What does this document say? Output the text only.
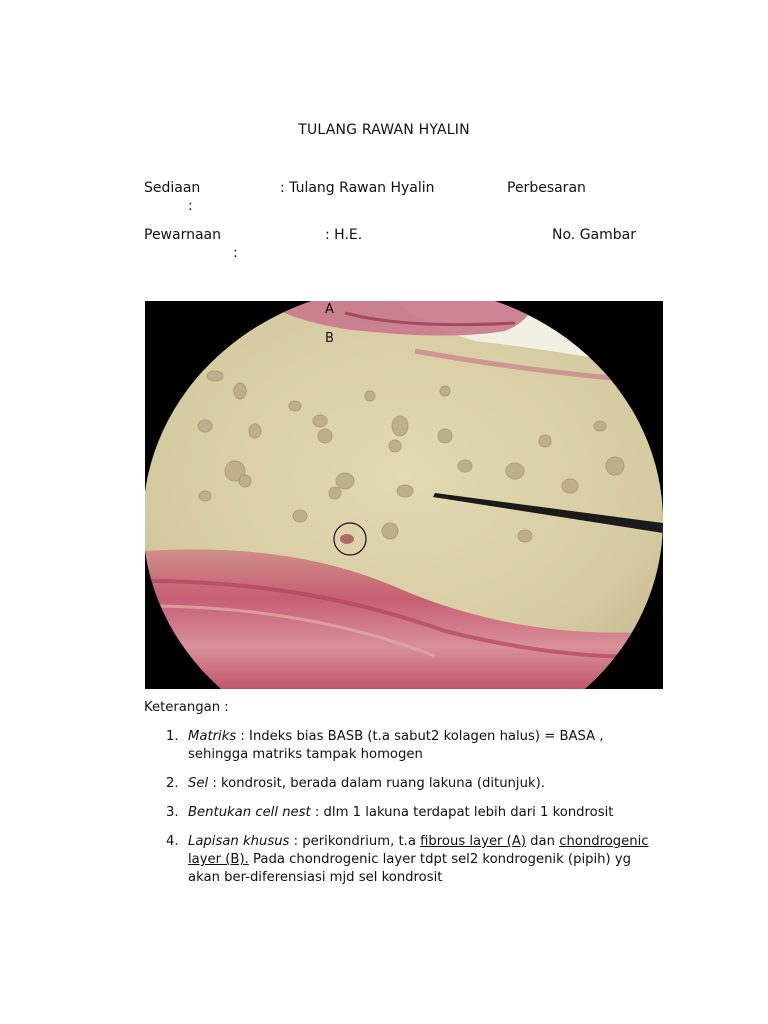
TULANG RAWAN HYALIN
Sediaan	: Tulang Rawan Hyalin	Perbesaran
:
Pewarnaan	: H.E.	No. Gambar
:
A
B
Keterangan :
1. Matriks : Indeks bias BASB (t.a sabut2 kolagen halus) = BASA , sehingga matriks tampak homogen
2. Sel : kondrosit, berada dalam ruang lakuna (ditunjuk).
3. Bentukan cell nest : dlm 1 lakuna terdapat lebih dari 1 kondrosit
4. Lapisan khusus : perikondrium, t.a fibrous layer (A) dan chondrogenic layer (B). Pada chondrogenic layer tdpt sel2 kondrogenik (pipih) yg akan ber-diferensiasi mjd sel kondrosit
